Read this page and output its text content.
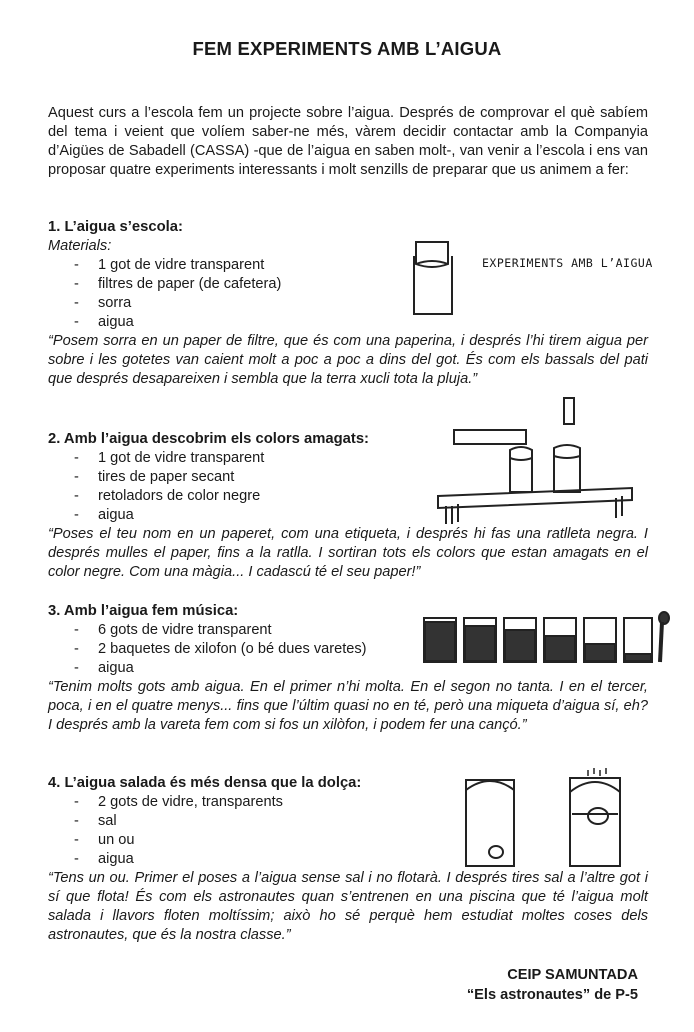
FEM EXPERIMENTS AMB L’AIGUA

Aquest curs a l’escola fem un projecte sobre l’aigua. Després de comprovar el què sabíem del tema i veient que volíem saber-ne més, vàrem decidir contactar amb la Companyia d’Aigües de Sabadell (CASSA) -que de l’aigua en saben molt-, van venir a l’escola i ens van proposar quatre experiments interessants i molt senzills de preparar que us animem a fer:

1. L’aigua s’escola:

Materials:

- 1 got de vidre transparent
- filtres de paper (de cafetera)
- sorra
- aigua

“Posem sorra en un paper de filtre, que és com una paperina, i després l’hi tirem aigua per sobre i les gotetes van caient molt a poc a poc a dins del got. És com els bassals del pati que després desapareixen i sembla que la terra xucli tota la pluja.”

2. Amb l’aigua descobrim els colors amagats:

- 1 got de vidre transparent
- tires de paper secant
- retoladors de color negre
- aigua

“Poses el teu nom en un paperet, com una etiqueta, i després hi fas una ratlleta negra. I després mulles el paper, fins a la ratlla. I sortiran tots els colors que estan amagats en el color negre. Com una màgia... I cadascú té el seu paper!”

3. Amb l’aigua fem música:

- 6 gots de vidre transparent
- 2 baquetes de xilofon (o bé dues varetes)
- aigua

“Tenim molts gots amb aigua. En el primer n’hi molta. En el segon no tanta. I en el tercer, poca, i en el quatre menys... fins que l’últim quasi no en té, però una miqueta d’aigua sí, eh? I després amb la vareta fem com si fos un xilòfon, i podem fer una cançó.”

4. L’aigua salada és més densa que la dolça:

- 2 gots de vidre, transparents
- sal
- un ou
- aigua

“Tens un ou. Primer el poses a l’aigua sense sal i no flotarà. I després tires sal a l’altre got i sí que flota! És com els astronautes quan s’entrenen en una piscina que té l’aigua molt salada i llavors floten moltíssim; això ho sé perquè hem estudiat moltes coses dels astronautes, que és la nostra classe.”

EXPERIMENTS AMB L’AIGUA
CEIP SAMUNTADA
“Els astronautes” de P-5
